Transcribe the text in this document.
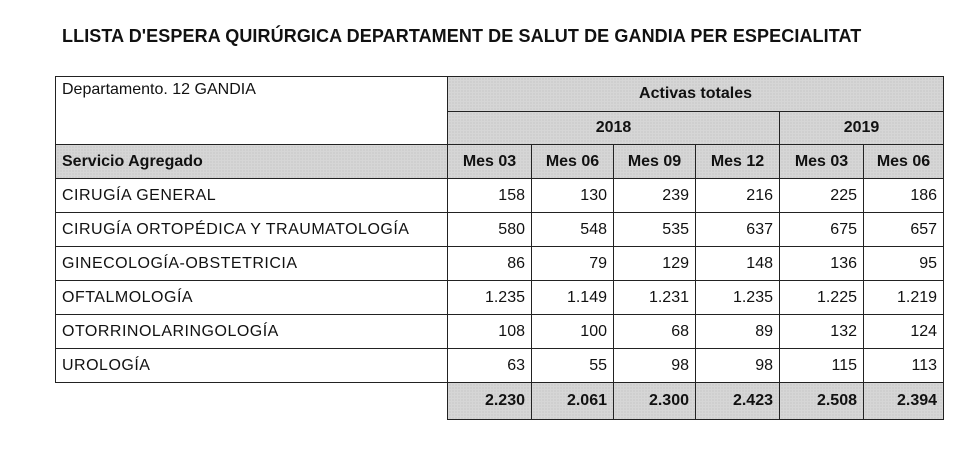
LLISTA D'ESPERA QUIRÚRGICA DEPARTAMENT DE SALUT DE GANDIA PER ESPECIALITAT
Departamento. 12 GANDIA	Activas totales					
	2018				2019	
Servicio Agregado	Mes 03	Mes 06	Mes 09	Mes 12	Mes 03	Mes 06
CIRUGÍA GENERAL	158	130	239	216	225	186
CIRUGÍA ORTOPÉDICA Y TRAUMATOLOGÍA	580	548	535	637	675	657
GINECOLOGÍA-OBSTETRICIA	86	79	129	148	136	95
OFTALMOLOGÍA	1.235	1.149	1.231	1.235	1.225	1.219
OTORRINOLARINGOLOGÍA	108	100	68	89	132	124
UROLOGÍA	63	55	98	98	115	113
	2.230	2.061	2.300	2.423	2.508	2.394
